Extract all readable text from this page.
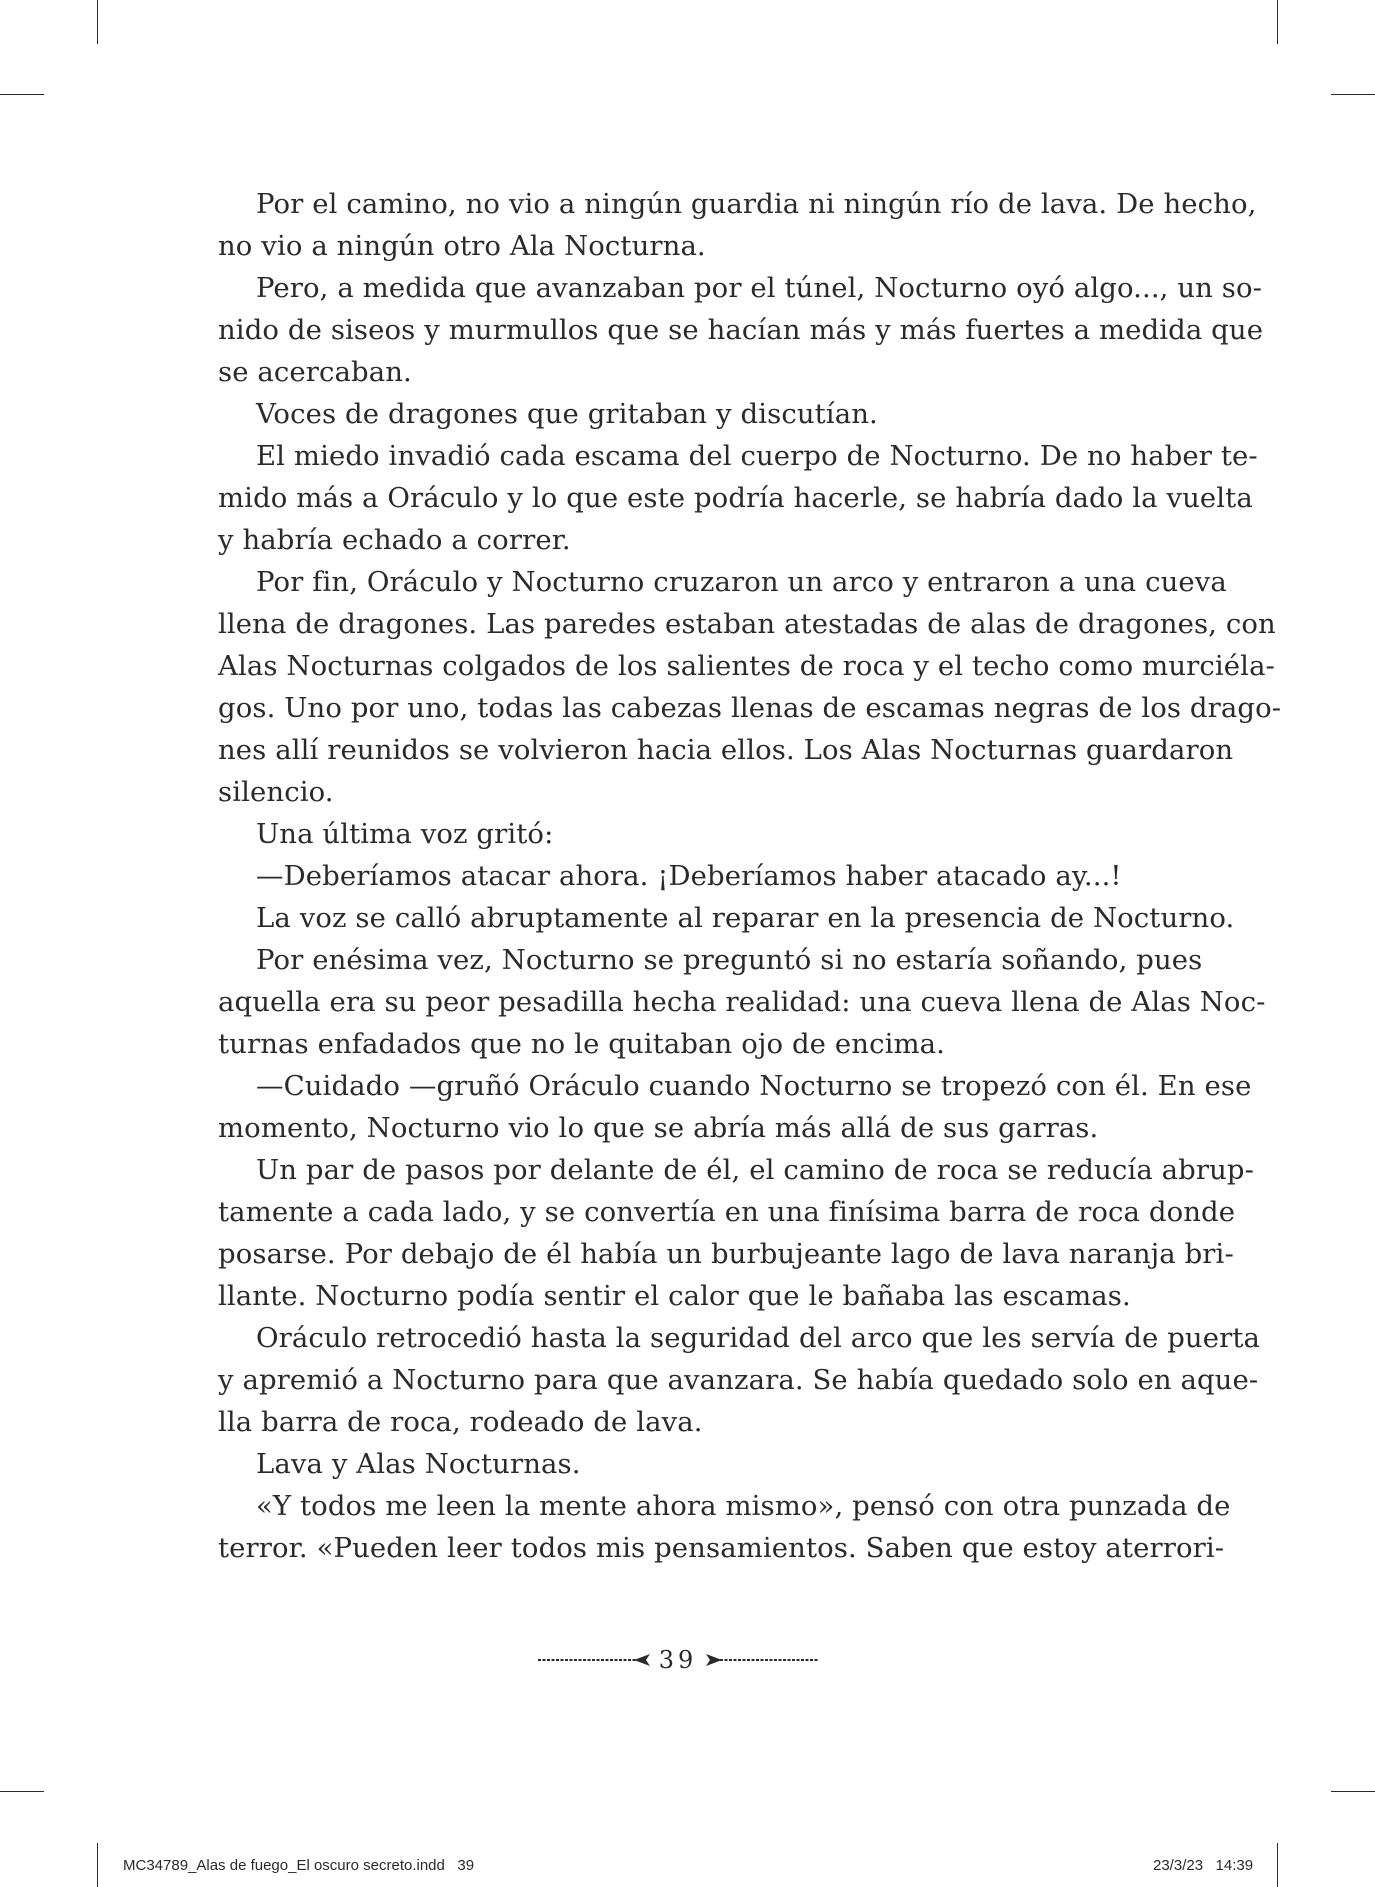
Por el camino, no vio a ningún guardia ni ningún río de lava. De hecho,
no vio a ningún otro Ala Nocturna.
Pero, a medida que avanzaban por el túnel, Nocturno oyó algo..., un so-
nido de siseos y murmullos que se hacían más y más fuertes a medida que
se acercaban.
Voces de dragones que gritaban y discutían.
El miedo invadió cada escama del cuerpo de Nocturno. De no haber te-
mido más a Oráculo y lo que este podría hacerle, se habría dado la vuelta
y habría echado a correr.
Por fin, Oráculo y Nocturno cruzaron un arco y entraron a una cueva
llena de dragones. Las paredes estaban atestadas de alas de dragones, con
Alas Nocturnas colgados de los salientes de roca y el techo como murciéla-
gos. Uno por uno, todas las cabezas llenas de escamas negras de los drago-
nes allí reunidos se volvieron hacia ellos. Los Alas Nocturnas guardaron
silencio.
Una última voz gritó:
—Deberíamos atacar ahora. ¡Deberíamos haber atacado ay...!
La voz se calló abruptamente al reparar en la presencia de Nocturno.
Por enésima vez, Nocturno se preguntó si no estaría soñando, pues
aquella era su peor pesadilla hecha realidad: una cueva llena de Alas Noc-
turnas enfadados que no le quitaban ojo de encima.
—Cuidado —gruñó Oráculo cuando Nocturno se tropezó con él. En ese
momento, Nocturno vio lo que se abría más allá de sus garras.
Un par de pasos por delante de él, el camino de roca se reducía abrup-
tamente a cada lado, y se convertía en una finísima barra de roca donde
posarse. Por debajo de él había un burbujeante lago de lava naranja bri-
llante. Nocturno podía sentir el calor que le bañaba las escamas.
Oráculo retrocedió hasta la seguridad del arco que les servía de puerta
y apremió a Nocturno para que avanzara. Se había quedado solo en aque-
lla barra de roca, rodeado de lava.
Lava y Alas Nocturnas.
«Y todos me leen la mente ahora mismo», pensó con otra punzada de
terror. «Pueden leer todos mis pensamientos. Saben que estoy aterrori-
39
MC34789_Alas de fuego_El oscuro secreto.indd   39	23/3/23   14:39
